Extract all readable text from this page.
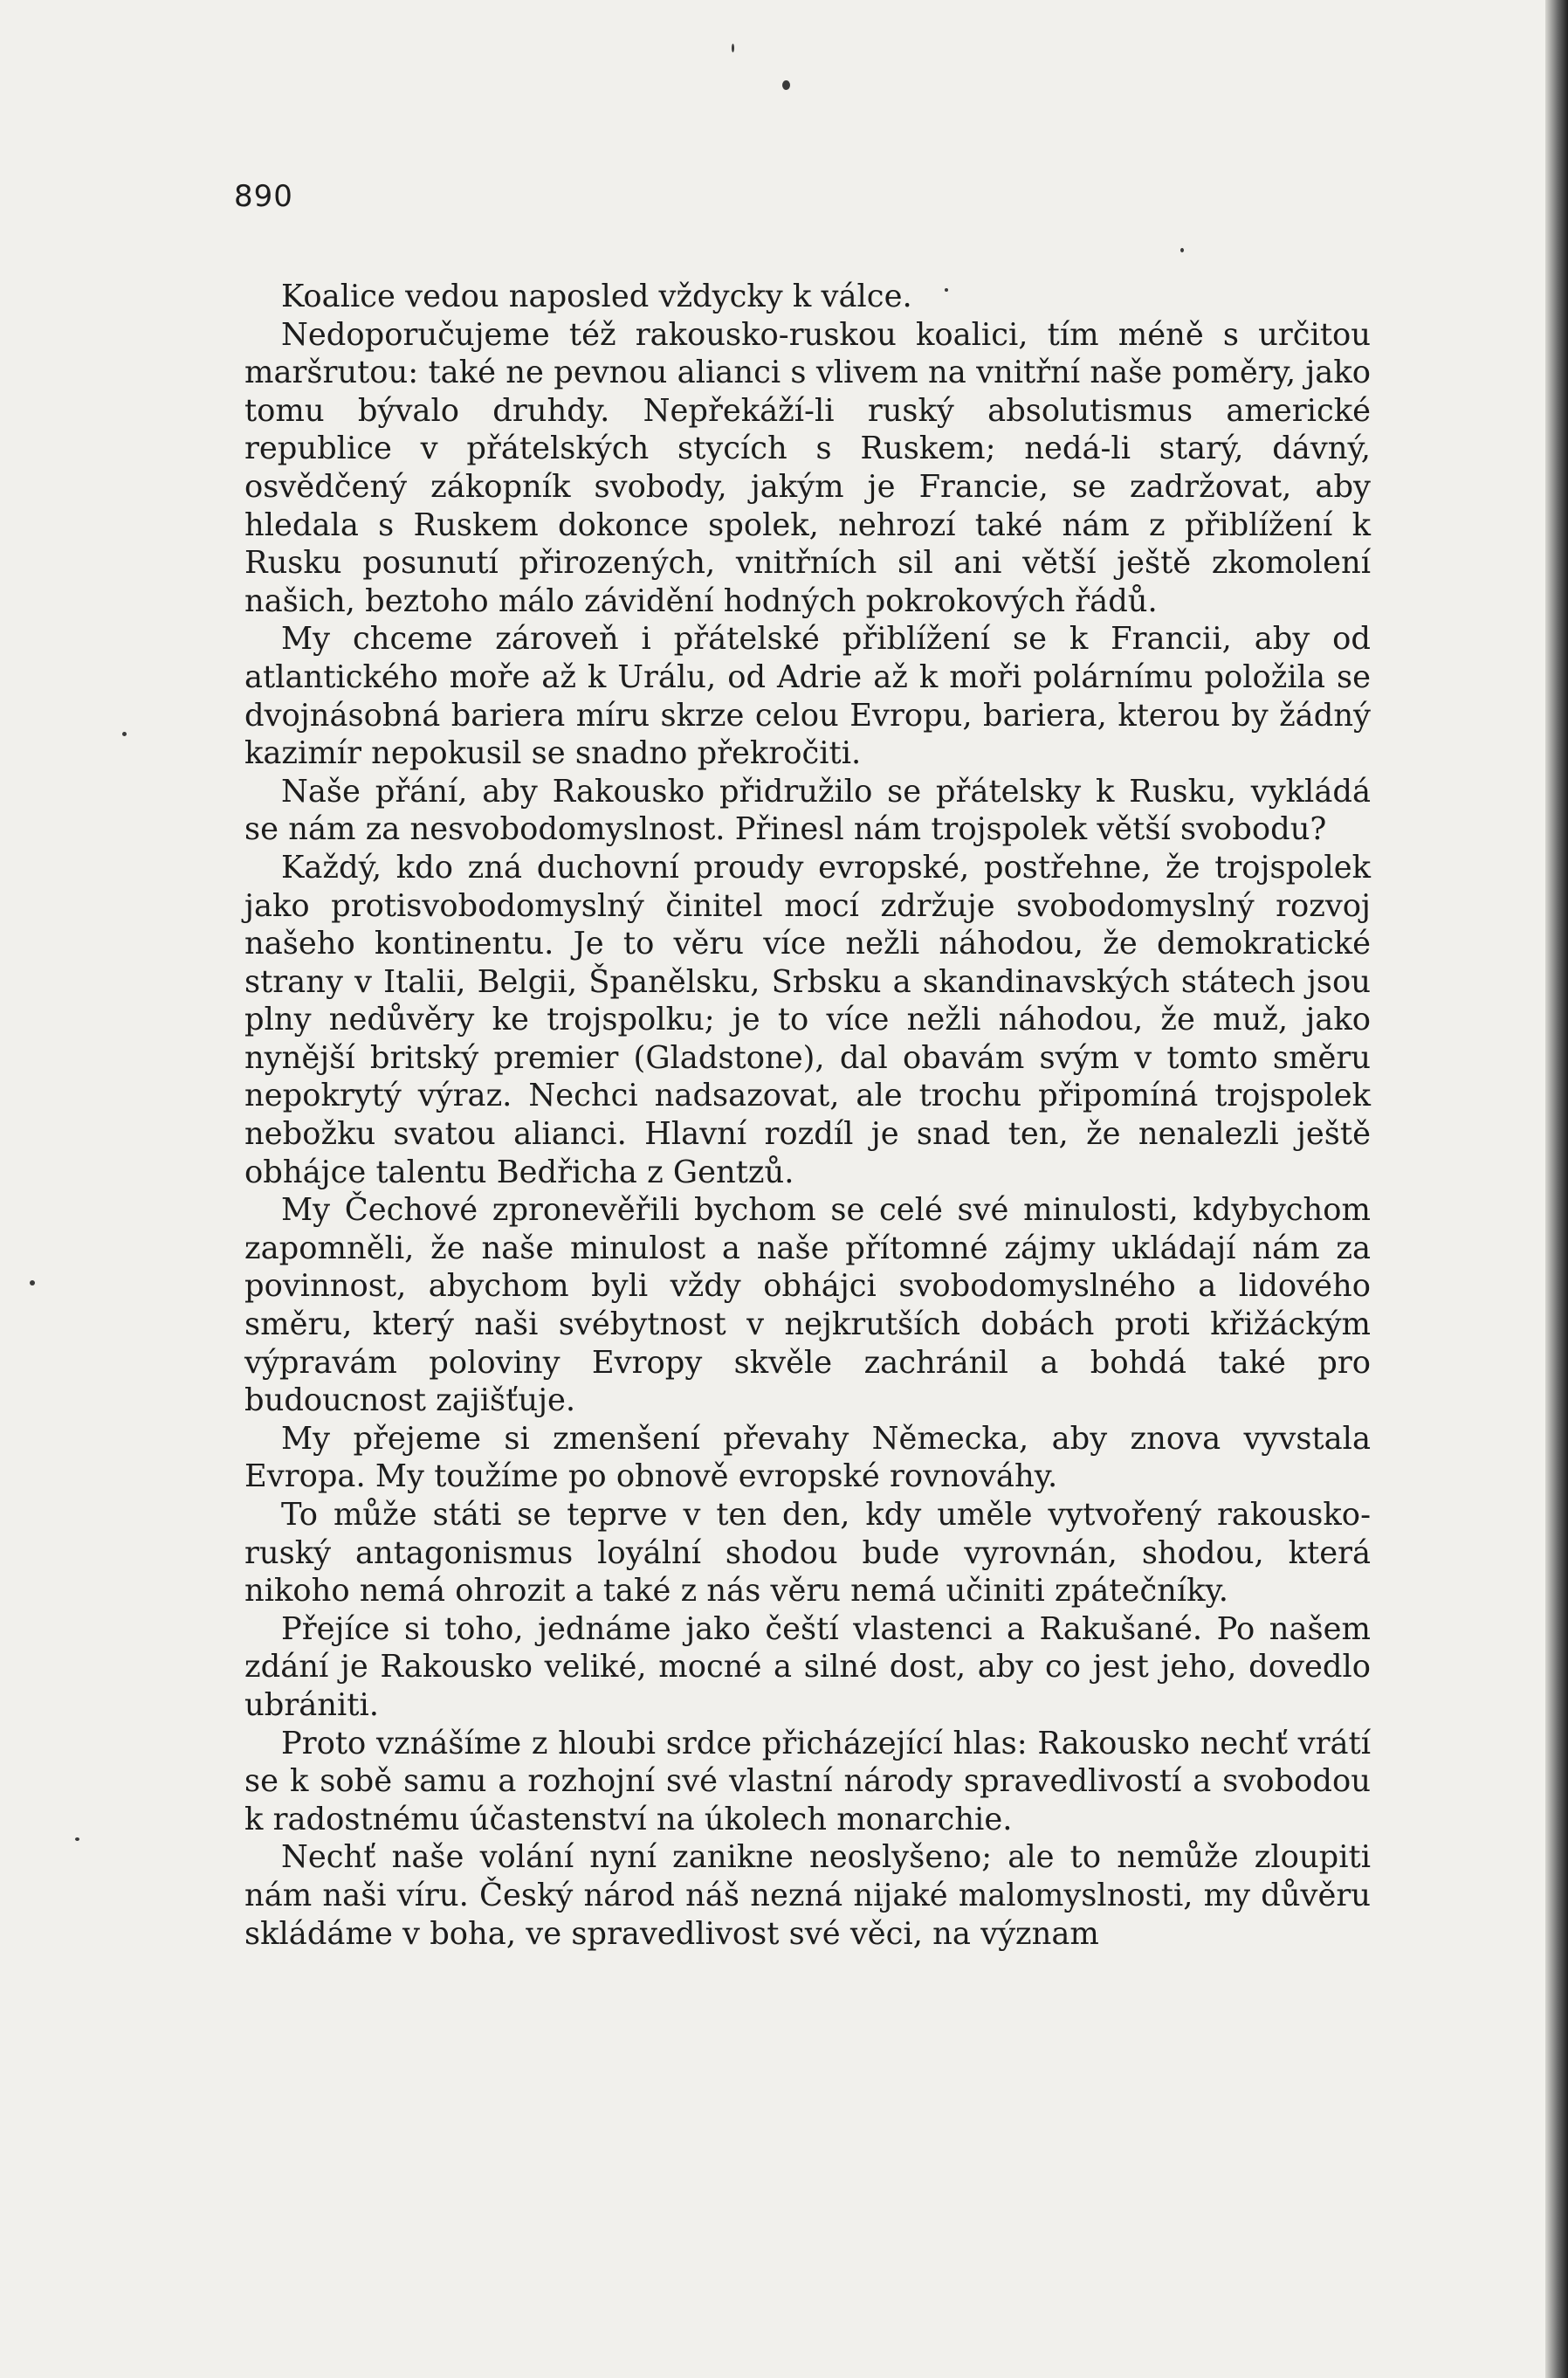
890

Koalice vedou naposled vždycky k válce.

Nedoporučujeme též rakousko-ruskou koalici, tím méně s určitou maršrutou: také ne pevnou alianci s vlivem na vnitřní naše poměry, jako tomu bývalo druhdy. Nepřekáží-li ruský absolutismus americké republice v přátelských stycích s Ruskem; nedá-li starý, dávný, osvědčený zákopník svobody, jakým je Francie, se zadržovat, aby hledala s Ruskem dokonce spolek, nehrozí také nám z přiblížení k Rusku posunutí přirozených, vnitřních sil ani větší ještě zkomolení našich, beztoho málo závidění hodných pokrokových řádů.

My chceme zároveň i přátelské přiblížení se k Francii, aby od atlantického moře až k Urálu, od Adrie až k moři polárnímu položila se dvojnásobná bariera míru skrze celou Evropu, bariera, kterou by žádný kazimír nepokusil se snadno překročiti.

Naše přání, aby Rakousko přidružilo se přátelsky k Rusku, vykládá se nám za nesvobodomyslnost. Přinesl nám trojspolek větší svobodu?

Každý, kdo zná duchovní proudy evropské, postřehne, že trojspolek jako protisvobodomyslný činitel mocí zdržuje svobodomyslný rozvoj našeho kontinentu. Je to věru více nežli náhodou, že demokratické strany v Italii, Belgii, Španělsku, Srbsku a skandinavských státech jsou plny nedůvěry ke trojspolku; je to více nežli náhodou, že muž, jako nynější britský premier (Gladstone), dal obavám svým v tomto směru nepokrytý výraz. Nechci nadsazovat, ale trochu připomíná trojspolek nebožku svatou alianci. Hlavní rozdíl je snad ten, že nenalezli ještě obhájce talentu Bedřicha z Gentzů.

My Čechové zpronevěřili bychom se celé své minulosti, kdybychom zapomněli, že naše minulost a naše přítomné zájmy ukládají nám za povinnost, abychom byli vždy obhájci svobodomyslného a lidového směru, který naši svébytnost v nejkrutších dobách proti křižáckým výpravám poloviny Evropy skvěle zachránil a bohdá také pro budoucnost zajišťuje.

My přejeme si zmenšení převahy Německa, aby znova vyvstala Evropa. My toužíme po obnově evropské rovnováhy.

To může státi se teprve v ten den, kdy uměle vytvořený rakousko-ruský antagonismus loyální shodou bude vyrovnán, shodou, která nikoho nemá ohrozit a také z nás věru nemá učiniti zpátečníky.

Přejíce si toho, jednáme jako čeští vlastenci a Rakušané. Po našem zdání je Rakousko veliké, mocné a silné dost, aby co jest jeho, dovedlo ubrániti.

Proto vznášíme z hloubi srdce přicházející hlas: Rakousko nechť vrátí se k sobě samu a rozhojní své vlastní národy spravedlivostí a svobodou k radostnému účastenství na úkolech monarchie.

Nechť naše volání nyní zanikne neoslyšeno; ale to nemůže zloupiti nám naši víru. Český národ náš nezná nijaké malomyslnosti, my důvěru skládáme v boha, ve spravedlivost své věci, na význam
